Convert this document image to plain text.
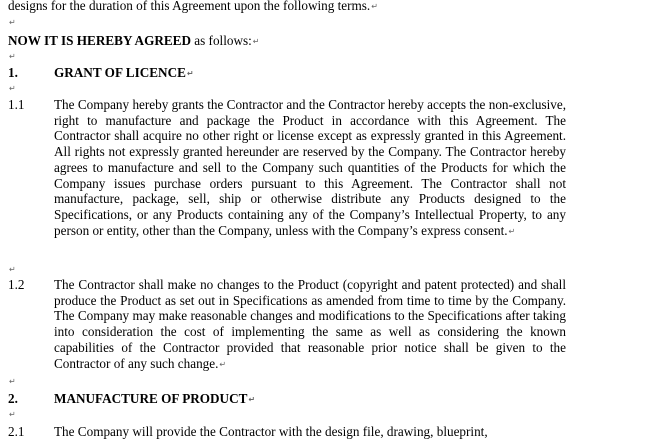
designs for the duration of this Agreement upon the following terms.↵
↵
NOW IT IS HEREBY AGREED as follows:↵
↵
1.	GRANT OF LICENCE↵
↵
1.1 The Company hereby grants the Contractor and the Contractor hereby accepts the non-exclusive, right to manufacture and package the Product in accordance with this Agreement. The Contractor shall acquire no other right or license except as expressly granted in this Agreement. All rights not expressly granted hereunder are reserved by the Company. The Contractor hereby agrees to manufacture and sell to the Company such quantities of the Products for which the Company issues purchase orders pursuant to this Agreement. The Contractor shall not manufacture, package, sell, ship or otherwise distribute any Products designed to the Specifications, or any Products containing any of the Company’s Intellectual Property, to any person or entity, other than the Company, unless with the Company’s express consent.↵
↵
1.2 The Contractor shall make no changes to the Product (copyright and patent protected) and shall produce the Product as set out in Specifications as amended from time to time by the Company. The Company may make reasonable changes and modifications to the Specifications after taking into consideration the cost of implementing the same as well as considering the known capabilities of the Contractor provided that reasonable prior notice shall be given to the Contractor of any such change.↵
↵
2.	MANUFACTURE OF PRODUCT↵
↵
2.1 The Company will provide the Contractor with the design file, drawing, blueprint,
